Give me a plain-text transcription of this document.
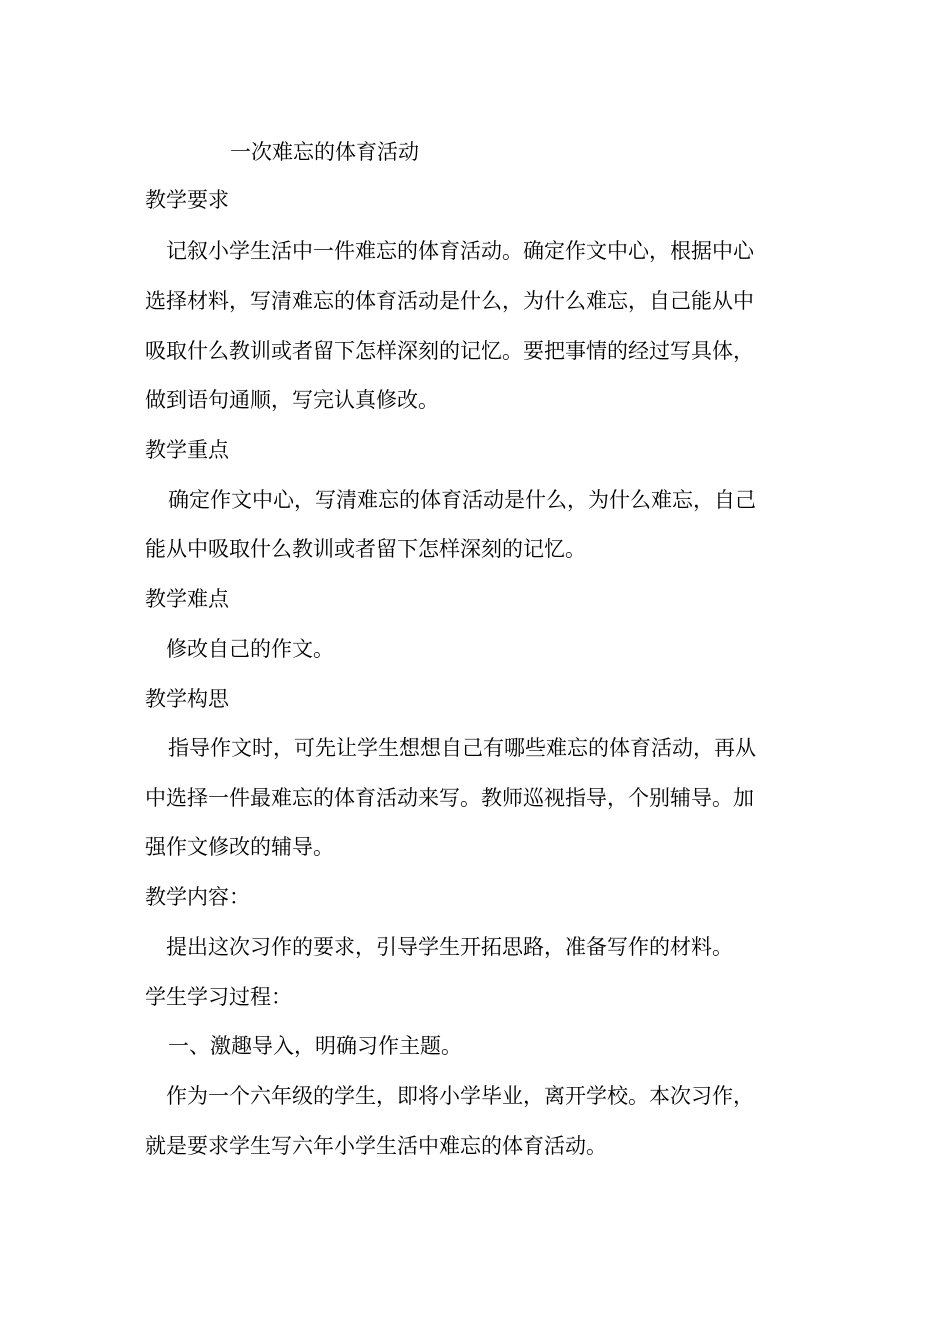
一次难忘的体育活动
教学要求
记叙小学生活中一件难忘的体育活动。确定作文中心，根据中心
选择材料，写清难忘的体育活动是什么，为什么难忘，自己能从中
吸取什么教训或者留下怎样深刻的记忆。要把事情的经过写具体，
做到语句通顺，写完认真修改。
教学重点
确定作文中心，写清难忘的体育活动是什么，为什么难忘，自己
能从中吸取什么教训或者留下怎样深刻的记忆。
教学难点
修改自己的作文。
教学构思
指导作文时，可先让学生想想自己有哪些难忘的体育活动，再从
中选择一件最难忘的体育活动来写。教师巡视指导，个别辅导。加
强作文修改的辅导。
教学内容：
提出这次习作的要求，引导学生开拓思路，准备写作的材料。
学生学习过程：
一、激趣导入，明确习作主题。
作为一个六年级的学生，即将小学毕业，离开学校。本次习作，
就是要求学生写六年小学生活中难忘的体育活动。
